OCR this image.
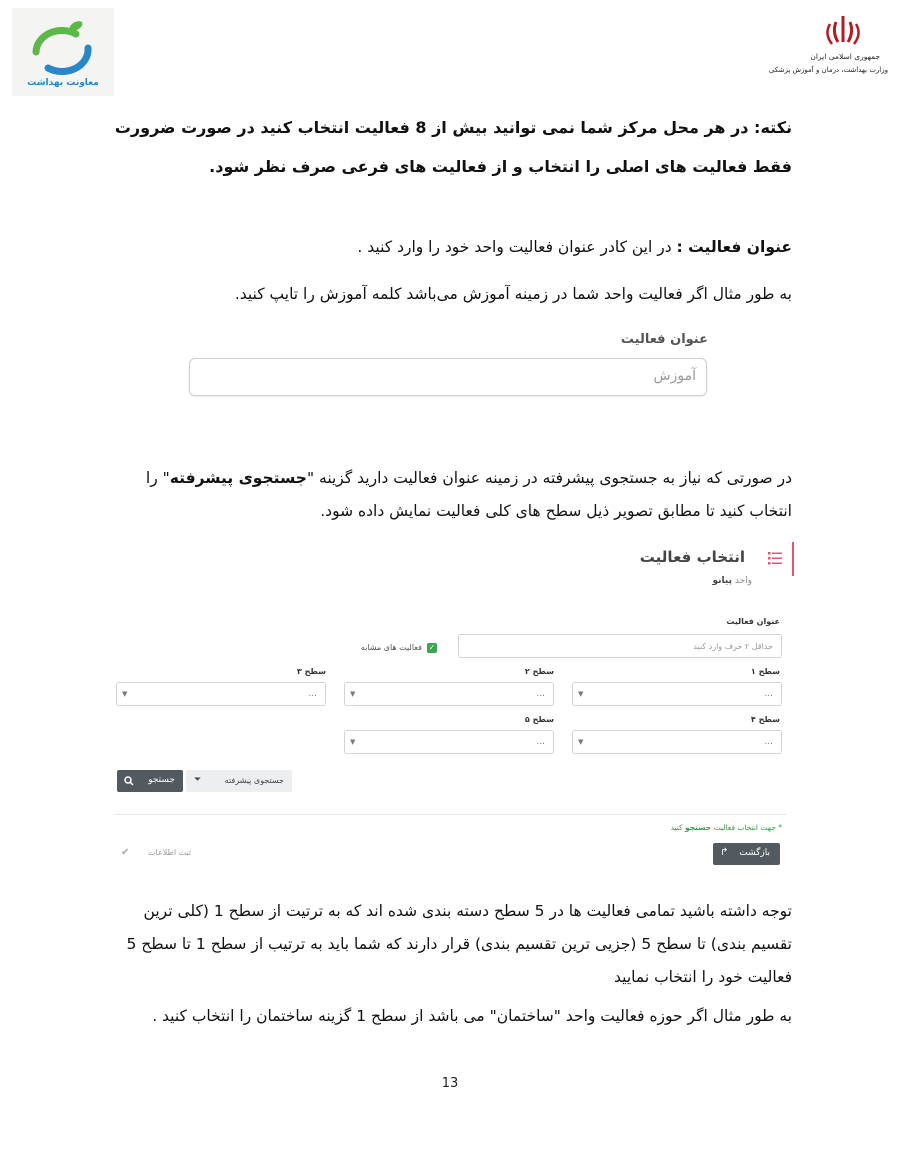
معاونت بهداشت
جمهوری اسلامی ایران
وزارت بهداشت، درمان و آموزش پزشکی
نکته: در هر محل مرکز شما نمی توانید بیش از 8 فعالیت انتخاب کنید در صورت ضرورت فقط فعالیت های اصلی را انتخاب و از فعالیت های فرعی صرف نظر شود.
عنوان فعالیت : در این کادر عنوان فعالیت واحد خود را وارد کنید .
به طور مثال اگر فعالیت واحد شما در زمینه آموزش می‌باشد کلمه آموزش را تایپ کنید.
عنوان فعالیت
آموزش
در صورتی که نیاز به جستجوی پیشرفته در زمینه عنوان فعالیت دارید گزینه "جستجوی پیشرفته" را انتخاب کنید تا مطابق تصویر ذیل سطح های کلی فعالیت نمایش داده شود.
انتخاب فعالیت
واحد پیانو
عنوان فعالیت
حداقل ۲ حرف وارد کنید
✓
فعالیت های مشابه
سطح ۱
...
▼
سطح ۲
...
▼
سطح ۳
...
▼
سطح ۴
...
▼
سطح ۵
...
▼
جستجوی پیشرفته
⏷
جستجو
* جهت انتخاب فعالیت جستجو کنید
بازگشت
↱
ثبت اطلاعات
✔
توجه داشته باشید تمامی فعالیت ها در 5 سطح دسته بندی شده اند که به ترتیت از سطح 1 (کلی ترین تقسیم بندی) تا سطح 5 (جزیی ترین تقسیم بندی) قرار دارند که شما باید به ترتیب از سطح 1 تا سطح 5 فعالیت خود را انتخاب نمایید
به طور مثال اگر حوزه فعالیت واحد "ساختمان" می باشد از سطح 1 گزینه ساختمان را انتخاب کنید .
13
